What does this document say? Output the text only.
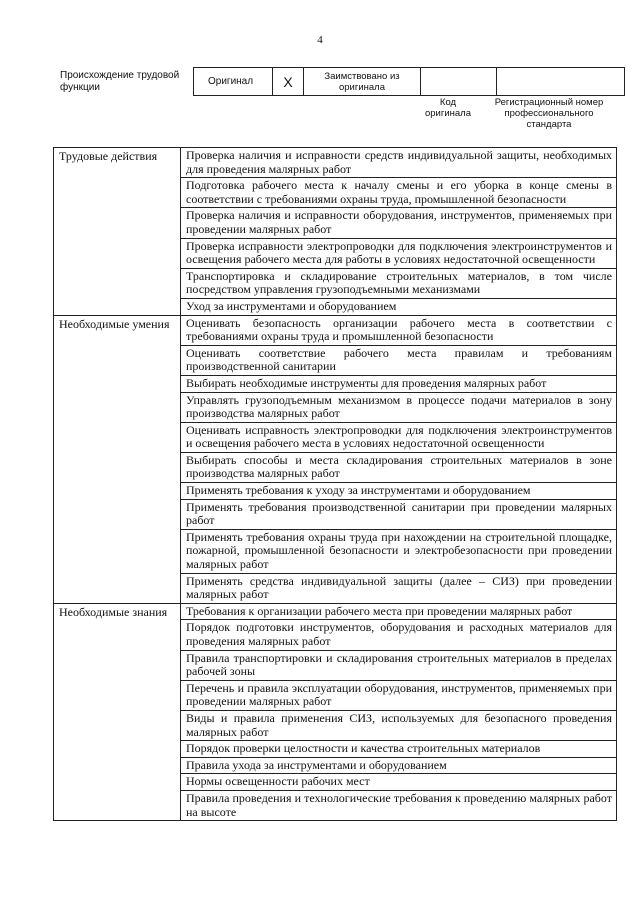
4
Происхождение трудовой функции
Оригинал	X	Заимствовано из оригинала		
Код оригинала
Регистрационный номер профессионального стандарта
Трудовые действия	Проверка наличия и исправности средств индивидуальной защиты, необходимых для проведения малярных работ
	Подготовка рабочего места к началу смены и его уборка в конце смены в соответствии с требованиями охраны труда, промышленной безопасности
	Проверка наличия и исправности оборудования, инструментов, применяемых при проведении малярных работ
	Проверка исправности электропроводки для подключения электроинструментов и освещения рабочего места для работы в условиях недостаточной освещенности
	Транспортировка и складирование строительных материалов, в том числе посредством управления грузоподъемными механизмами
	Уход за инструментами и оборудованием
Необходимые умения	Оценивать безопасность организации рабочего места в соответствии с требованиями охраны труда и промышленной безопасности
	Оценивать соответствие рабочего места правилам и требованиям производственной санитарии
	Выбирать необходимые инструменты для проведения малярных работ
	Управлять грузоподъемным механизмом в процессе подачи материалов в зону производства малярных работ
	Оценивать исправность электропроводки для подключения электроинструментов и освещения рабочего места в условиях недостаточной освещенности
	Выбирать способы и места складирования строительных материалов в зоне производства малярных работ
	Применять требования к уходу за инструментами и оборудованием
	Применять требования производственной санитарии при проведении малярных работ
	Применять требования охраны труда при нахождении на строительной площадке, пожарной, промышленной безопасности и электробезопасности при проведении малярных работ
	Применять средства индивидуальной защиты (далее – СИЗ) при проведении малярных работ
Необходимые знания	Требования к организации рабочего места при проведении малярных работ
	Порядок подготовки инструментов, оборудования и расходных материалов для проведения малярных работ
	Правила транспортировки и складирования строительных материалов в пределах рабочей зоны
	Перечень и правила эксплуатации оборудования, инструментов, применяемых при проведении малярных работ
	Виды и правила применения СИЗ, используемых для безопасного проведения малярных работ
	Порядок проверки целостности и качества строительных материалов
	Правила ухода за инструментами и оборудованием
	Нормы освещенности рабочих мест
	Правила проведения и технологические требования к проведению малярных работ на высоте
